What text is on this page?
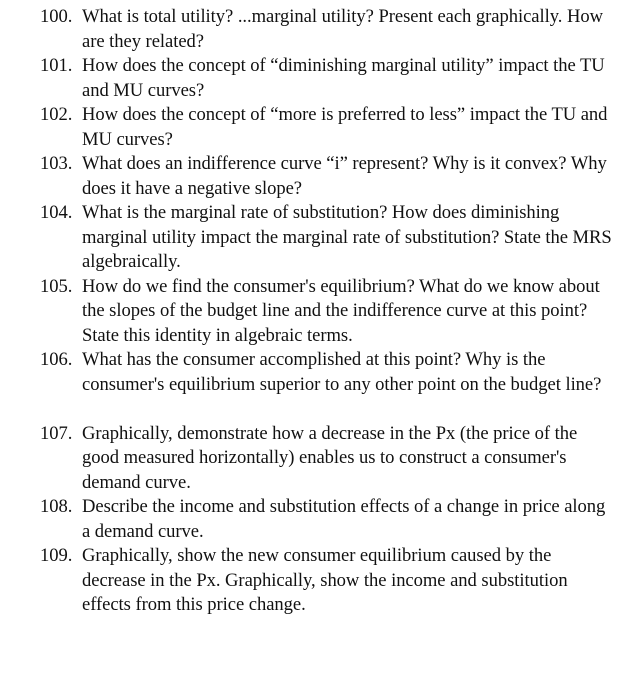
100. What is total utility? ...marginal utility? Present each graphically. How are they related?
101. How does the concept of “diminishing marginal utility” impact the TU and MU curves?
102. How does the concept of “more is preferred to less” impact the TU and MU curves?
103. What does an indifference curve “i” represent? Why is it convex? Why does it have a negative slope?
104. What is the marginal rate of substitution? How does diminishing marginal utility impact the marginal rate of substitution? State the MRS algebraically.
105. How do we find the consumer's equilibrium? What do we know about the slopes of the budget line and the indifference curve at this point? State this identity in algebraic terms.
106. What has the consumer accomplished at this point? Why is the consumer's equilibrium superior to any other point on the budget line?
107. Graphically, demonstrate how a decrease in the Px (the price of the good measured horizontally) enables us to construct a consumer's demand curve.
108. Describe the income and substitution effects of a change in price along a demand curve.
109. Graphically, show the new consumer equilibrium caused by the decrease in the Px. Graphically, show the income and substitution effects from this price change.
